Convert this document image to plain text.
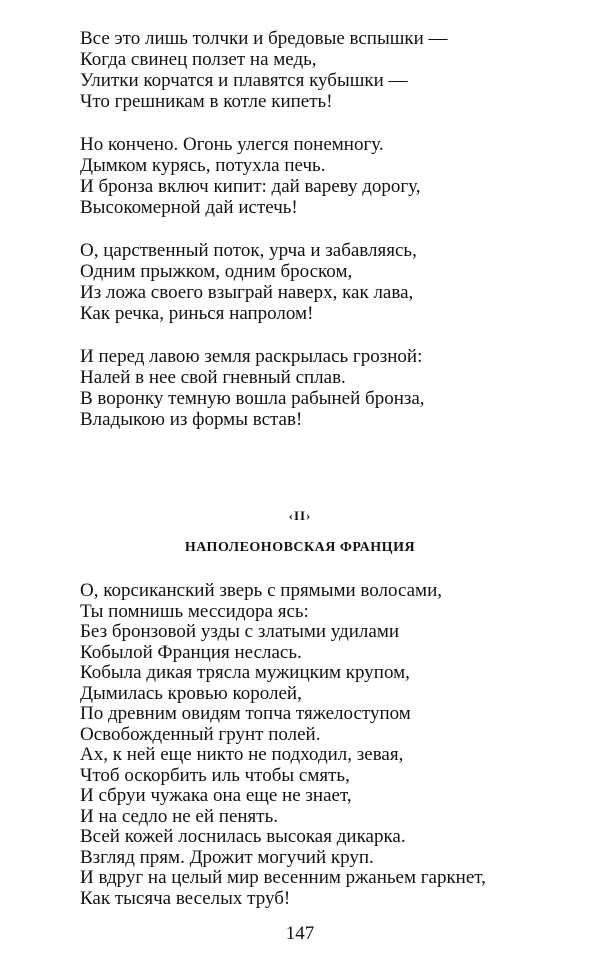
Все это лишь толчки и бредовые вспышки —
Когда свинец ползет на медь,
Улитки корчатся и плавятся кубышки —
Что грешникам в котле кипеть!
Но кончено. Огонь улегся понемногу.
Дымком курясь, потухла печь.
И бронза включ кипит: дай вареву дорогу,
Высокомерной дай истечь!
О, царственный поток, урча и забавляясь,
Одним прыжком, одним броском,
Из ложа своего взыграй наверх, как лава,
Как речка, ринься напролом!
И перед лавою земля раскрылась грозной:
Налей в нее свой гневный сплав.
В воронку темную вошла рабыней бронза,
Владыкою из формы встав!
‹II›
НАПОЛЕОНОВСКАЯ ФРАНЦИЯ
О, корсиканский зверь с прямыми волосами,
Ты помнишь мессидора ясь:
Без бронзовой узды с златыми удилами
Кобылой Франция неслась.
Кобыла дикая трясла мужицким крупом,
Дымилась кровью королей,
По древним овидям топча тяжелоступом
Освобожденный грунт полей.
Ах, к ней еще никто не подходил, зевая,
Чтоб оскорбить иль чтобы смять,
И сбруи чужака она еще не знает,
И на седло не ей пенять.
Всей кожей лоснилась высокая дикарка.
Взгляд прям. Дрожит могучий круп.
И вдруг на целый мир весенним ржаньем гаркнет,
Как тысяча веселых труб!
147
